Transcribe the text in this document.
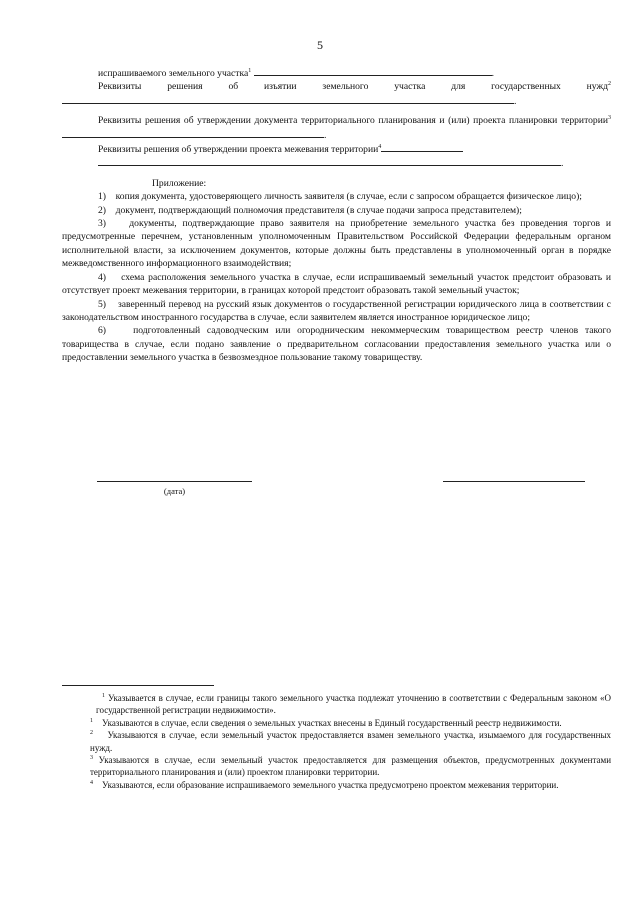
5
испрашиваемого земельного участка$^1$	.
Реквизиты решения об изъятии земельного участка для государственных нужд$^2$
.

Реквизиты решения об утверждении документа территориального планирования и (или) проекта планировки территории$^3$.

Реквизиты решения об утверждении проекта межевания территории$^4$
.
Приложение:

1) копия документа, удостоверяющего личность заявителя (в случае, если с запросом обращается физическое лицо);

2) документ, подтверждающий полномочия представителя (в случае подачи запроса представителем);

3) документы, подтверждающие право заявителя на приобретение земельного участка без проведения торгов и предусмотренные перечнем, установленным уполномоченным Правительством Российской Федерации федеральным органом исполнительной власти, за исключением документов, которые должны быть представлены в уполномоченный орган в порядке межведомственного информационного взаимодействия;

4) схема расположения земельного участка в случае, если испрашиваемый земельный участок предстоит образовать и отсутствует проект межевания территории, в границах которой предстоит образовать такой земельный участок;

5) заверенный перевод на русский язык документов о государственной регистрации юридического лица в соответствии с законодательством иностранного государства в случае, если заявителем является иностранное юридическое лицо;

6)	подготовленный садоводческим или огородническим некоммерческим товариществом реестр членов такого товарищества в случае, если подано заявление о предварительном согласовании предоставления земельного участка или о предоставлении земельного участка в безвозмездное пользование такому товариществу.

(дата)

$^1$ Указывается в случае, если границы такого земельного участка подлежат уточнению в соответствии с Федеральным законом «О государственной регистрации недвижимости».

$^1$ Указываются в случае, если сведения о земельных участках внесены в Единый государственный реестр недвижимости.

$^2$ Указываются в случае, если земельный участок предоставляется взамен земельного участка, изымаемого для государственных нужд.

$^3$ Указываются в случае, если земельный участок предоставляется для размещения объектов, предусмотренных документами территориального планирования и (или) проектом планировки территории.

$^4$ Указываются, если образование испрашиваемого земельного участка предусмотрено проектом межевания территории.
